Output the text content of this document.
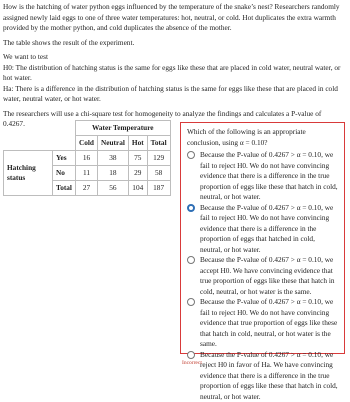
How is the hatching of water python eggs influenced by the temperature of the snake’s nest? Researchers randomly assigned newly laid eggs to one of three water temperatures: hot, neutral, or cold. Hot duplicates the extra warmth provided by the mother python, and cold duplicates the absence of the mother.

The table shows the result of the experiment.

We want to test

H0: The distribution of hatching status is the same for eggs like these that are placed in cold water, neutral water, or hot water.

Ha: There is a difference in the distribution of hatching status is the same for eggs like these that are placed in cold water, neutral water, or hot water.

The researchers will use a chi-square test for homogeneity to analyze the findings and calculates a P-value of 0.4267.

		Water Temperature			
		Cold	Neutral	Hot	Total
Hatching status	Yes	16	38	75	129
	No	11	18	29	58
	Total	27	56	104	187

Which of the following is an appropriate conclusion, using α = 0.10?

Because the P-value of 0.4267 > α = 0.10, we fail to reject H0. We do not have convincing evidence that there is a difference in the true proportion of eggs like these that hatch in cold, neutral, or hot water.
Because the P-value of 0.4267 > α = 0.10, we fail to reject H0. We do not have convincing evidence that there is a difference in the proportion of eggs that hatched in cold, neutral, or hot water.
Because the P-value of 0.4267 > α = 0.10, we accept H0. We have convincing evidence that true proportion of eggs like these that hatch in cold, neutral, or hot water is the same.
Because the P-value of 0.4267 > α = 0.10, we fail to reject H0. We do not have convincing evidence that true proportion of eggs like these that hatch in cold, neutral, or hot water is the same.
Because the P-value of 0.4267 > α = 0.10, we reject H0 in favor of Ha. We have convincing evidence that there is a difference in the true proportion of eggs like these that hatch in cold, neutral, or hot water.
Incorrect
